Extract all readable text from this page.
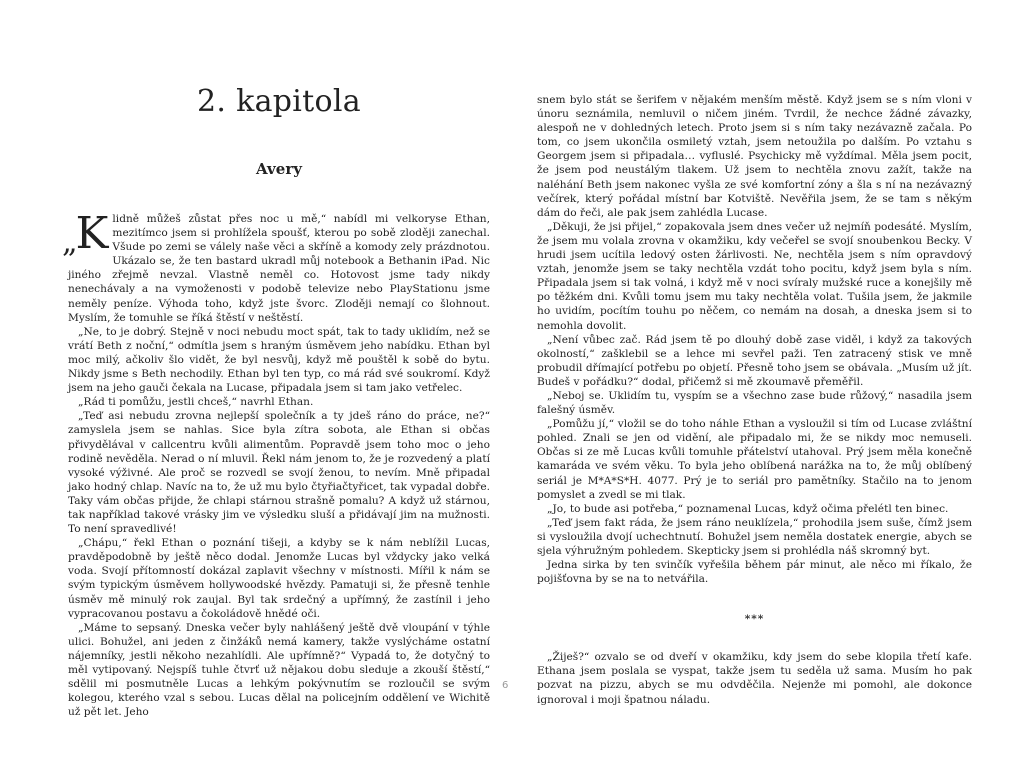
2. kapitola
Avery

„K lidně můžeš zůstat přes noc u mě,“ nabídl mi velkoryse Ethan, mezitímco jsem si prohlížela spoušť, kterou po sobě zloději zanechal. Všude po zemi se válely naše věci a skříně a komody zely prázdnotou. Ukázalo se, že ten bastard ukradl můj notebook a Bethanin iPad. Nic jiného zřejmě nevzal. Vlastně neměl co. Hotovost jsme tady nikdy nenechávaly a na vymoženosti v podobě televize nebo PlayStationu jsme neměly peníze. Výhoda toho, když jste švorc. Zloději nemají co šlohnout. Myslím, že tomuhle se říká štěstí v neštěstí.

„Ne, to je dobrý. Stejně v noci nebudu moct spát, tak to tady uklidím, než se vrátí Beth z noční,“ odmítla jsem s hraným úsměvem jeho nabídku. Ethan byl moc milý, ačkoliv šlo vidět, že byl nesvůj, když mě pouštěl k sobě do bytu. Nikdy jsme s Beth nechodily. Ethan byl ten typ, co má rád své soukromí. Když jsem na jeho gauči čekala na Lucase, připadala jsem si tam jako vetřelec.

„Rád ti pomůžu, jestli chceš,“ navrhl Ethan.

„Teď asi nebudu zrovna nejlepší společník a ty jdeš ráno do práce, ne?“ zamyslela jsem se nahlas. Sice byla zítra sobota, ale Ethan si občas přivydělával v callcentru kvůli alimentům. Popravdě jsem toho moc o jeho rodině nevěděla. Nerad o ní mluvil. Řekl nám jenom to, že je rozvedený a platí vysoké výživné. Ale proč se rozvedl se svojí ženou, to nevím. Mně připadal jako hodný chlap. Navíc na to, že už mu bylo čtyřiačtyřicet, tak vypadal dobře. Taky vám občas přijde, že chlapi stárnou strašně pomalu? A když už stárnou, tak například takové vrásky jim ve výsledku sluší a přidávají jim na mužnosti. To není spravedlivé!

„Chápu,“ řekl Ethan o poznání tišeji, a kdyby se k nám neblížil Lucas, pravděpodobně by ještě něco dodal. Jenomže Lucas byl vždycky jako velká voda. Svojí přítomností dokázal zaplavit všechny v místnosti. Mířil k nám se svým typickým úsměvem hollywoodské hvězdy. Pamatuji si, že přesně tenhle úsměv mě minulý rok zaujal. Byl tak srdečný a upřímný, že zastínil i jeho vypracovanou postavu a čokoládově hnědé oči.

„Máme to sepsaný. Dneska večer byly nahlášený ještě dvě vloupání v týhle ulici. Bohužel, ani jeden z činžáků nemá kamery, takže vyslýcháme ostatní nájemníky, jestli někoho nezahlídli. Ale upřímně?“ Vypadá to, že dotyčný to měl vytipovaný. Nejspíš tuhle čtvrť už nějakou dobu sleduje a zkouší štěstí,“ sdělil mi posmutněle Lucas a lehkým pokývnutím se rozloučil se svým kolegou, kterého vzal s sebou. Lucas dělal na policejním oddělení ve Wichitě už pět let. Jeho

snem bylo stát se šerifem v nějakém menším městě. Když jsem se s ním vloni v únoru seznámila, nemluvil o ničem jiném. Tvrdil, že nechce žádné závazky, alespoň ne v dohledných letech. Proto jsem si s ním taky nezávazně začala. Po tom, co jsem ukončila osmiletý vztah, jsem netoužila po dalším. Po vztahu s Georgem jsem si připadala… vyfluslé. Psychicky mě vyždímal. Měla jsem pocit, že jsem pod neustálým tlakem. Už jsem to nechtěla znovu zažít, takže na naléhání Beth jsem nakonec vyšla ze své komfortní zóny a šla s ní na nezávazný večírek, který pořádal místní bar Kotviště. Nevěřila jsem, že se tam s někým dám do řeči, ale pak jsem zahlédla Lucase.

„Děkuji, že jsi přijel,“ zopakovala jsem dnes večer už nejmíň podesáté. Myslím, že jsem mu volala zrovna v okamžiku, kdy večeřel se svojí snoubenkou Becky. V hrudi jsem ucítila ledový osten žárlivosti. Ne, nechtěla jsem s ním opravdový vztah, jenomže jsem se taky nechtěla vzdát toho pocitu, když jsem byla s ním. Připadala jsem si tak volná, i když mě v noci svíraly mužské ruce a konejšily mě po těžkém dni. Kvůli tomu jsem mu taky nechtěla volat. Tušila jsem, že jakmile ho uvidím, pocítím touhu po něčem, co nemám na dosah, a dneska jsem si to nemohla dovolit.

„Není vůbec zač. Rád jsem tě po dlouhý době zase viděl, i když za takových okolností,“ zašklebil se a lehce mi sevřel paži. Ten zatracený stisk ve mně probudil dřímající potřebu po objetí. Přesně toho jsem se obávala. „Musím už jít. Budeš v pořádku?“ dodal, přičemž si mě zkoumavě přeměřil.

„Neboj se. Uklidím tu, vyspím se a všechno zase bude růžový,“ nasadila jsem falešný úsměv.

„Pomůžu jí,“ vložil se do toho náhle Ethan a vysloužil si tím od Lucase zvláštní pohled. Znali se jen od vidění, ale připadalo mi, že se nikdy moc nemuseli. Občas si ze mě Lucas kvůli tomuhle přátelství utahoval. Prý jsem měla konečně kamaráda ve svém věku. To byla jeho oblíbená narážka na to, že můj oblíbený seriál je M*A*S*H. 4077. Prý je to seriál pro pamětníky. Stačilo na to jenom pomyslet a zvedl se mi tlak.

„Jo, to bude asi potřeba,“ poznamenal Lucas, když očima přelétl ten binec.

„Teď jsem fakt ráda, že jsem ráno neuklízela,“ prohodila jsem suše, čímž jsem si vysloužila dvojí uchechtnutí. Bohužel jsem neměla dostatek energie, abych se sjela výhružným pohledem. Skepticky jsem si prohlédla náš skromný byt.

Jedna sirka by ten svinčík vyřešila během pár minut, ale něco mi říkalo, že pojišťovna by se na to netvářila.

***

„Žiješ?“ ozvalo se od dveří v okamžiku, kdy jsem do sebe klopila třetí kafe. Ethana jsem poslala se vyspat, takže jsem tu seděla už sama. Musím ho pak pozvat na pizzu, abych se mu odvděčila. Nejenže mi pomohl, ale dokonce ignoroval i moji špatnou náladu.

6
